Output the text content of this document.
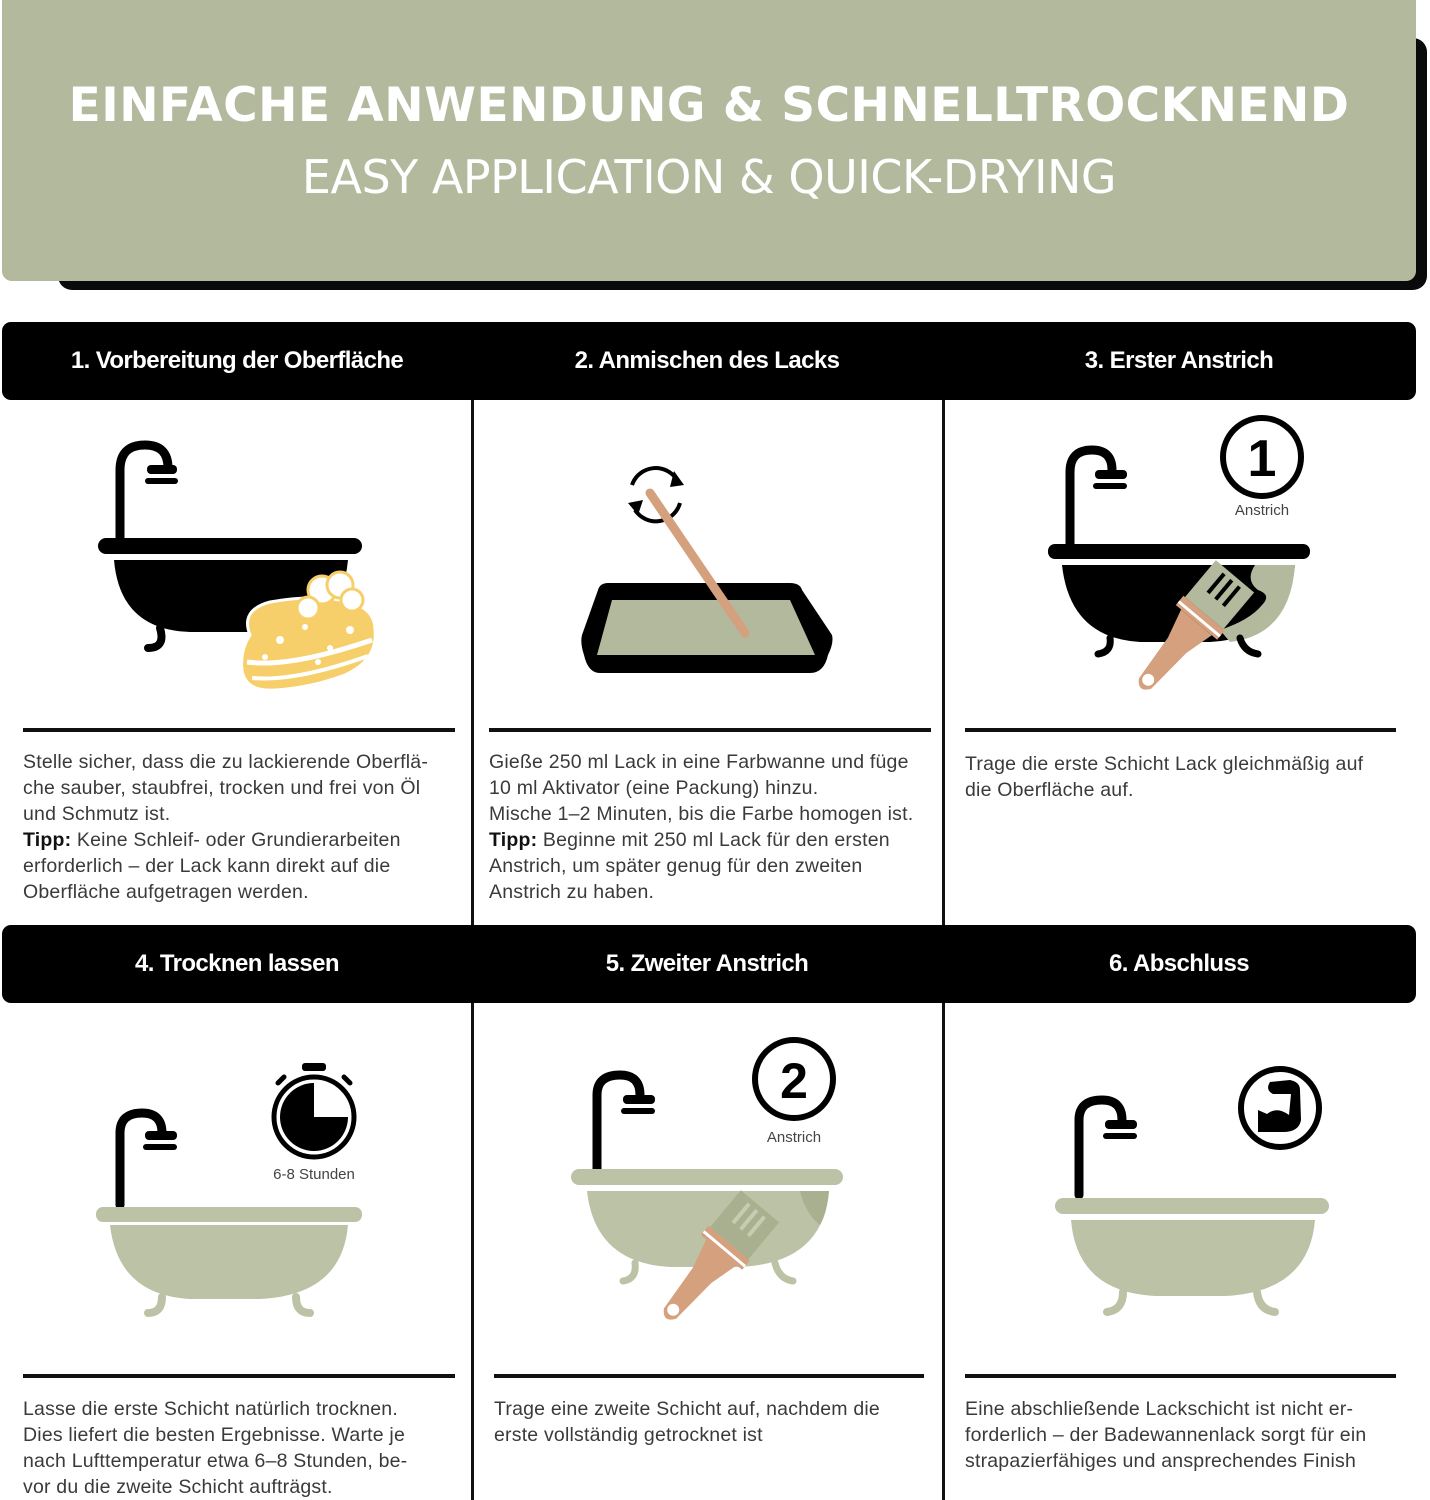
EINFACHE ANWENDUNG & SCHNELLTROCKNEND
EASY APPLICATION & QUICK-DRYING
1. Vorbereitung der Oberfläche	2. Anmischen des Lacks	3. Erster Anstrich
4. Trocknen lassen	5. Zweiter Anstrich	6. Abschluss
1
Anstrich
6-8 Stunden
2
Anstrich
Stelle sicher, dass die zu lackierende Oberflä-
che sauber, staubfrei, trocken und frei von Öl
und Schmutz ist.
Tipp: Keine Schleif- oder Grundierarbeiten
erforderlich – der Lack kann direkt auf die
Oberfläche aufgetragen werden.
Gieße 250 ml Lack in eine Farbwanne und füge
10 ml Aktivator (eine Packung) hinzu.
Mische 1–2 Minuten, bis die Farbe homogen ist.
Tipp: Beginne mit 250 ml Lack für den ersten
Anstrich, um später genug für den zweiten
Anstrich zu haben.
Trage die erste Schicht Lack gleichmäßig auf
die Oberfläche auf.
Lasse die erste Schicht natürlich trocknen.
Dies liefert die besten Ergebnisse. Warte je
nach Lufttemperatur etwa 6–8 Stunden, be-
vor du die zweite Schicht aufträgst.
Trage eine zweite Schicht auf, nachdem die
erste vollständig getrocknet ist
Eine abschließende Lackschicht ist nicht er-
forderlich – der Badewannenlack sorgt für ein
strapazierfähiges und ansprechendes Finish
